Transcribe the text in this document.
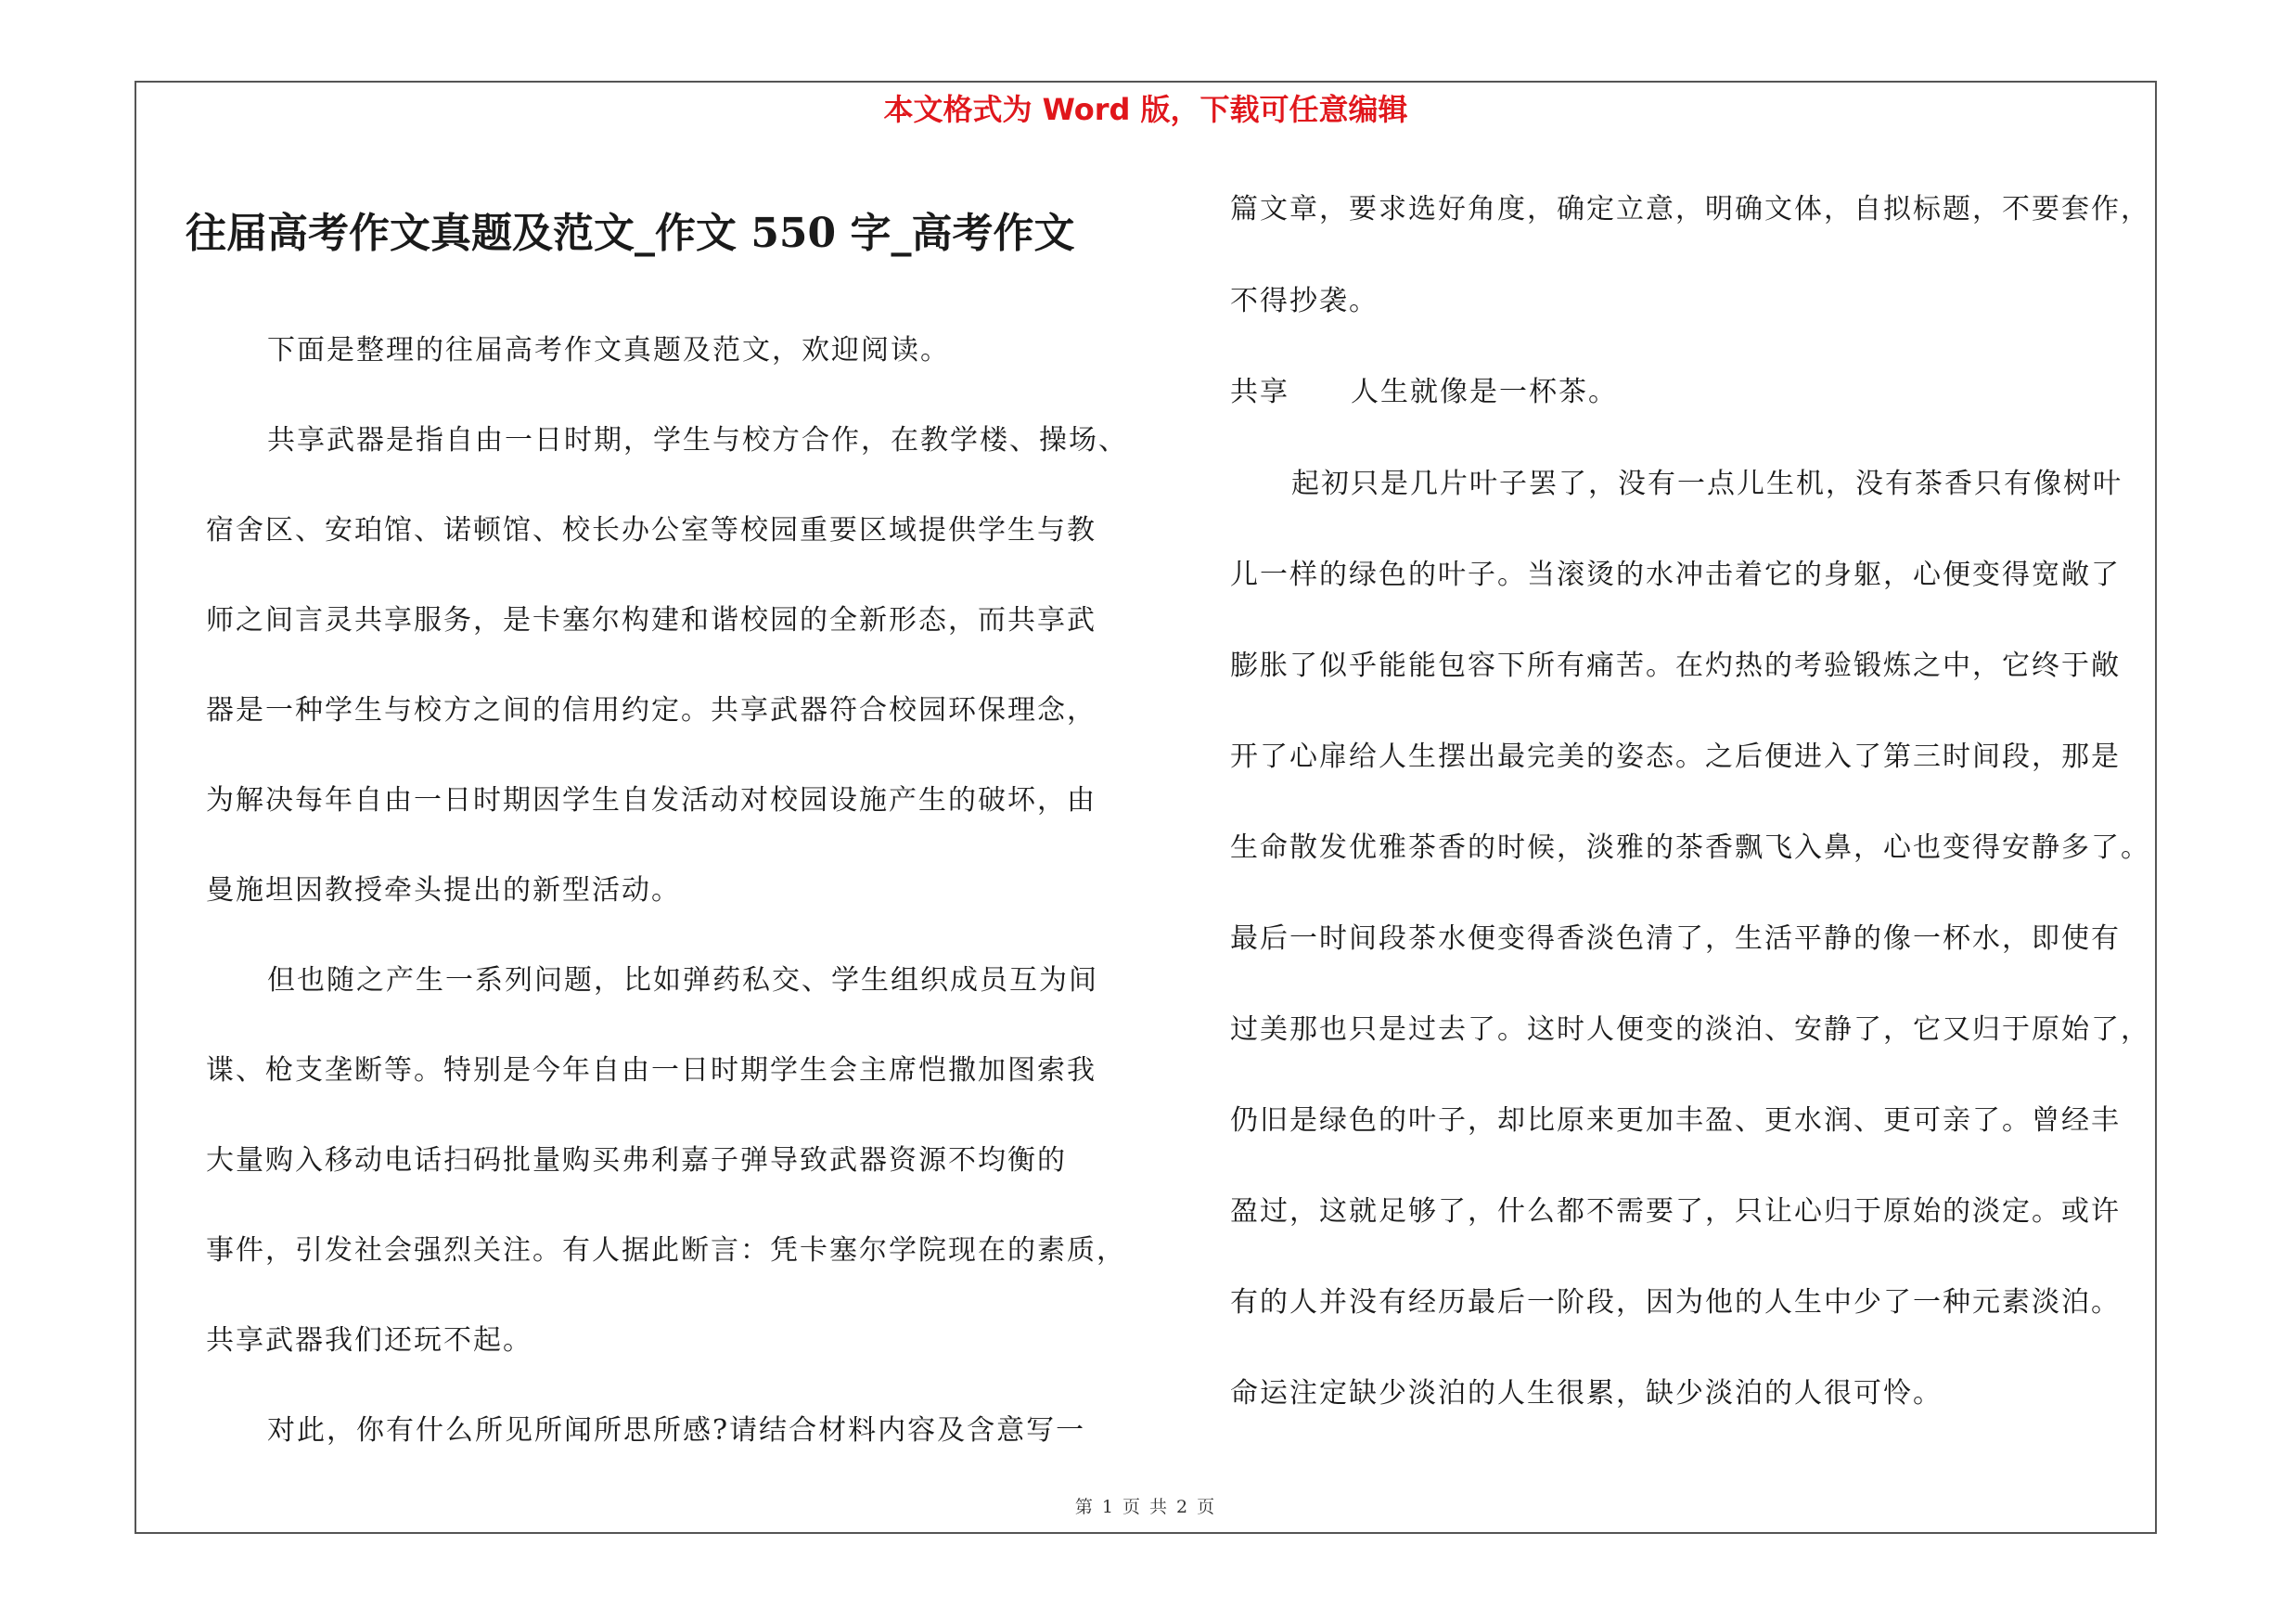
本文格式为 Word 版，下载可任意编辑
往届高考作文真题及范文_作文 550 字_高考作文
下面是整理的往届高考作文真题及范文，欢迎阅读。
共享武器是指自由一日时期，学生与校方合作，在教学楼、操场、
宿舍区、安珀馆、诺顿馆、校长办公室等校园重要区域提供学生与教
师之间言灵共享服务，是卡塞尔构建和谐校园的全新形态，而共享武
器是一种学生与校方之间的信用约定。共享武器符合校园环保理念，
为解决每年自由一日时期因学生自发活动对校园设施产生的破坏，由
曼施坦因教授牵头提出的新型活动。
但也随之产生一系列问题，比如弹药私交、学生组织成员互为间
谍、枪支垄断等。特别是今年自由一日时期学生会主席恺撒加图索我
大量购入移动电话扫码批量购买弗利嘉子弹导致武器资源不均衡的
事件，引发社会强烈关注。有人据此断言：凭卡塞尔学院现在的素质，
共享武器我们还玩不起。
对此，你有什么所见所闻所思所感?请结合材料内容及含意写一
篇文章，要求选好角度，确定立意，明确文体，自拟标题，不要套作，
不得抄袭。
共享 人生就像是一杯茶。
起初只是几片叶子罢了，没有一点儿生机，没有茶香只有像树叶
儿一样的绿色的叶子。当滚烫的水冲击着它的身躯，心便变得宽敞了
膨胀了似乎能能包容下所有痛苦。在灼热的考验锻炼之中，它终于敞
开了心扉给人生摆出最完美的姿态。之后便进入了第三时间段，那是
生命散发优雅茶香的时候，淡雅的茶香飘飞入鼻，心也变得安静多了。
最后一时间段茶水便变得香淡色清了，生活平静的像一杯水，即使有
过美那也只是过去了。这时人便变的淡泊、安静了，它又归于原始了，
仍旧是绿色的叶子，却比原来更加丰盈、更水润、更可亲了。曾经丰
盈过，这就足够了，什么都不需要了，只让心归于原始的淡定。或许
有的人并没有经历最后一阶段，因为他的人生中少了一种元素淡泊。
命运注定缺少淡泊的人生很累，缺少淡泊的人很可怜。
第 1 页 共 2 页
